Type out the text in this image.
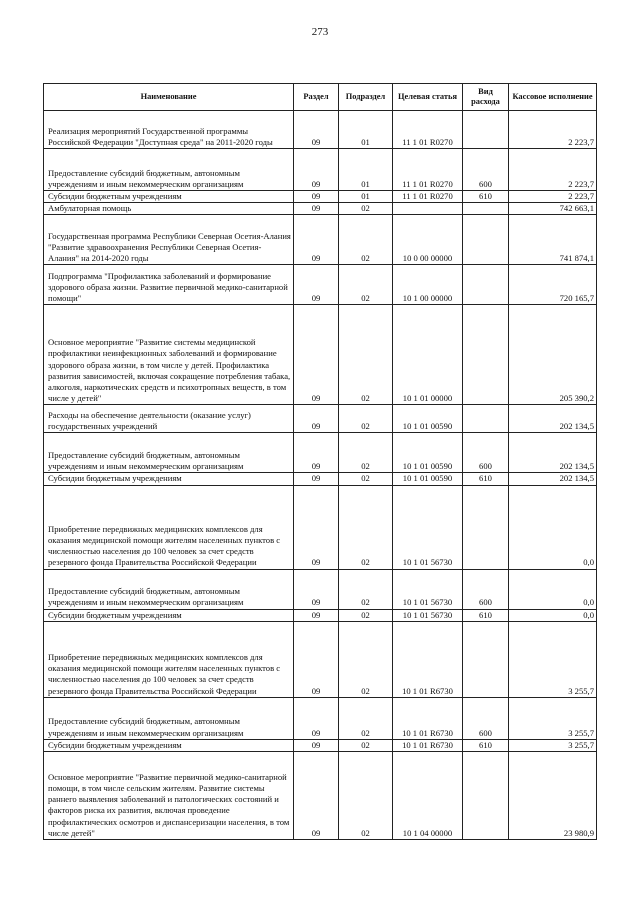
273
Наименование	Раздел	Подраздел	Целевая статья	Вид расхода	Кассовое исполнение
Реализация мероприятий Государственной программы Российской Федерации "Доступная среда" на 2011-2020 годы	09	01	11 1 01 R0270		2 223,7
Предоставление субсидий бюджетным, автономным учреждениям и иным некоммерческим организациям	09	01	11 1 01 R0270	600	2 223,7
Субсидии бюджетным учреждениям	09	01	11 1 01 R0270	610	2 223,7
Амбулаторная помощь	09	02			742 663,1
Государственная программа Республики Северная Осетия-Алания "Развитие здравоохранения Республики Северная Осетия-Алания" на 2014-2020 годы	09	02	10 0 00 00000		741 874,1
Подпрограмма "Профилактика заболеваний и формирование здорового образа жизни. Развитие первичной медико-санитарной помощи"	09	02	10 1 00 00000		720 165,7
Основное мероприятие "Развитие системы медицинской профилактики неинфекционных заболеваний и формирование здорового образа жизни, в том числе у детей. Профилактика развития зависимостей, включая сокращение потребления табака, алкоголя, наркотических средств и психотропных веществ, в том числе у детей"	09	02	10 1 01 00000		205 390,2
Расходы на обеспечение деятельности (оказание услуг) государственных учреждений	09	02	10 1 01 00590		202 134,5
Предоставление субсидий бюджетным, автономным учреждениям и иным некоммерческим организациям	09	02	10 1 01 00590	600	202 134,5
Субсидии бюджетным учреждениям	09	02	10 1 01 00590	610	202 134,5
Приобретение передвижных медицинских комплексов для оказания медицинской помощи жителям населенных пунктов с численностью населения до 100 человек за счет средств резервного фонда Правительства Российской Федерации	09	02	10 1 01 56730		0,0
Предоставление субсидий бюджетным, автономным учреждениям и иным некоммерческим организациям	09	02	10 1 01 56730	600	0,0
Субсидии бюджетным учреждениям	09	02	10 1 01 56730	610	0,0
Приобретение передвижных медицинских комплексов для оказания медицинской помощи жителям населенных пунктов с численностью населения до 100 человек за счет средств резервного фонда Правительства Российской Федерации	09	02	10 1 01 R6730		3 255,7
Предоставление субсидий бюджетным, автономным учреждениям и иным некоммерческим организациям	09	02	10 1 01 R6730	600	3 255,7
Субсидии бюджетным учреждениям	09	02	10 1 01 R6730	610	3 255,7
Основное мероприятие "Развитие первичной медико-санитарной помощи, в том числе сельским жителям. Развитие системы раннего выявления заболеваний и патологических состояний и факторов риска их развития, включая проведение профилактических осмотров и диспансеризации населения, в том числе детей"	09	02	10 1 04 00000		23 980,9
